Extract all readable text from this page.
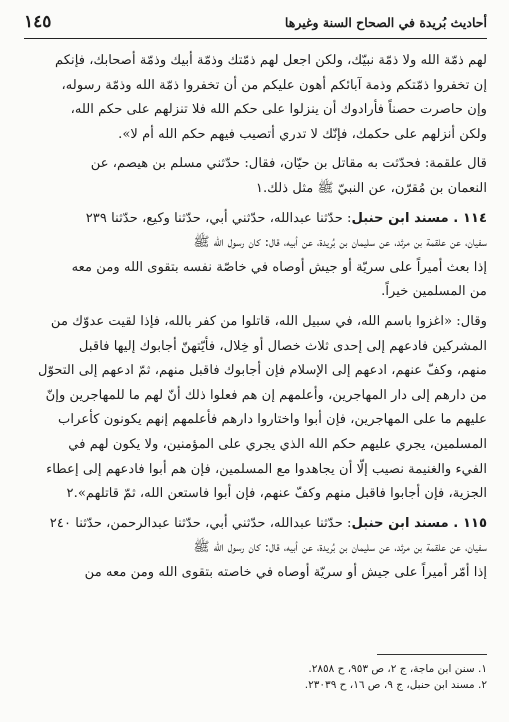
أحاديث بُريدة في الصحاح السنة وغيرها
١٤٥

لهم ذمّة الله ولا ذمّة نبيّك، ولكن اجعل لهم ذمّتك وذمّة أبيك وذمّة أصحابك، فإنكم
إن تخفروا ذمّتكم وذمة آبائكم أهون عليكم من أن تخفروا ذمّة الله وذمّة رسوله،
وإن حاصرت حصناً فأرادوك أن ينزلوا على حكم الله فلا تنزلهم على حكم الله،
ولكن أنزلهم على حكمك، فإنّك لا تدري أتصيب فيهم حكم الله أم لا».

قال علقمة: فحدّثت به مقاتل بن حيّان، فقال: حدّثني مسلم بن هيصم، عن
النعمان بن مُقرّن، عن النبيّ ﷺ مثل ذلك.١

١١٤ . مسند ابن حنبل: حدّثنا عبدالله، حدّثني أبي، حدّثنا وكيع، حدّثنا ٢٣٩
سفيان، عن علقمة بن مرثد، عن سليمان بن بُريدة، عن أبيه، قال: كان رسول الله ﷺ
إذا بعث أميراً على سريّة أو جيش أوصاه في خاصّة نفسه بتقوى الله ومن معه
من المسلمين خيراً.

وقال: «اغزوا باسم الله، في سبيل الله، قاتلوا من كفر بالله، فإذا لقيت عدوّك من
المشركين فادعهم إلى إحدى ثلاث خصال أو خِلال، فأيّتهنّ أجابوك إليها فاقبل
منهم، وكفّ عنهم، ادعهم إلى الإسلام فإن أجابوك فاقبل منهم، ثمّ ادعهم إلى التحوّل
من دارهم إلى دار المهاجرين، وأعلمهم إن هم فعلوا ذلك أنّ لهم ما للمهاجرين وإنّ
عليهم ما على المهاجرين، فإن أبوا واختاروا دارهم فأعلمهم إنهم يكونون كأعراب
المسلمين، يجري عليهم حكم الله الذي يجري على المؤمنين، ولا يكون لهم في
الفيء والغنيمة نصيب إلّا أن يجاهدوا مع المسلمين، فإن هم أبوا فادعهم إلى إعطاء
الجزية، فإن أجابوا فاقبل منهم وكفّ عنهم، فإن أبوا فاستعن الله، ثمّ قاتلهم».٢

١١٥ . مسند ابن حنبل: حدّثنا عبدالله، حدّثني أبي، حدّثنا عبدالرحمن، حدّثنا ٢٤٠
سفيان، عن علقمة بن مرثد، عن سليمان بن بُريدة، عن أبيه، قال: كان رسول الله ﷺ
إذا أمّر أميراً على جيش أو سريّة أوصاه في خاصته بتقوى الله ومن معه من

١. سنن ابن ماجة، ج ٢، ص ٩٥٣، ح ٢٨٥٨.
٢. مسند ابن حنبل، ج ٩، ص ١٦، ح ٢٣٠٣٩.
